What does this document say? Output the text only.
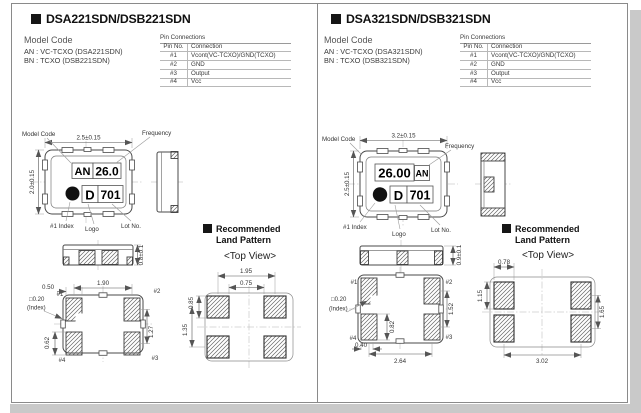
DSA221SDN/DSB221SDN
Model Code
AN : VC-TCXO (DSA221SDN)
BN : TCXO (DSB221SDN)
Pin Connections
Pin No.	Connection
#1	Vcont(VC-TCXO)/GND(TCXO)
#2	GND
#3	Output
#4	Vcc
DSA321SDN/DSB321SDN
Model Code
AN : VC-TCXO (DSA321SDN)
BN : TCXO (DSB321SDN)
Pin Connections
Pin No.	Connection
#1	Vcont(VC-TCXO)/GND(TCXO)
#2	GND
#3	Output
#4	Vcc
AN 26.0
D 701
2.5±0.15
2.0±0.15
Model Code	Frequency
#1 Index Logo	Lot No.
0.8±0.1
#1	#2
#4	#3
1.90
0.50
1.27
0.62
□0.20
(Index)
Recommended
Land Pattern
<Top View>
1.95
0.75
0.85
1.35
26.00 AN
D 701
3.2±0.15
2.5±0.15
Model Code
Frequency
#1 Index
Logo
Lot No.
0.9±0.1
#1	#2
#4	#3
0.82
1.52
2.64
0.40
□0.20
(Index)
Recommended
Land Pattern
<Top View>
0.78
1.15
1.65
3.02
